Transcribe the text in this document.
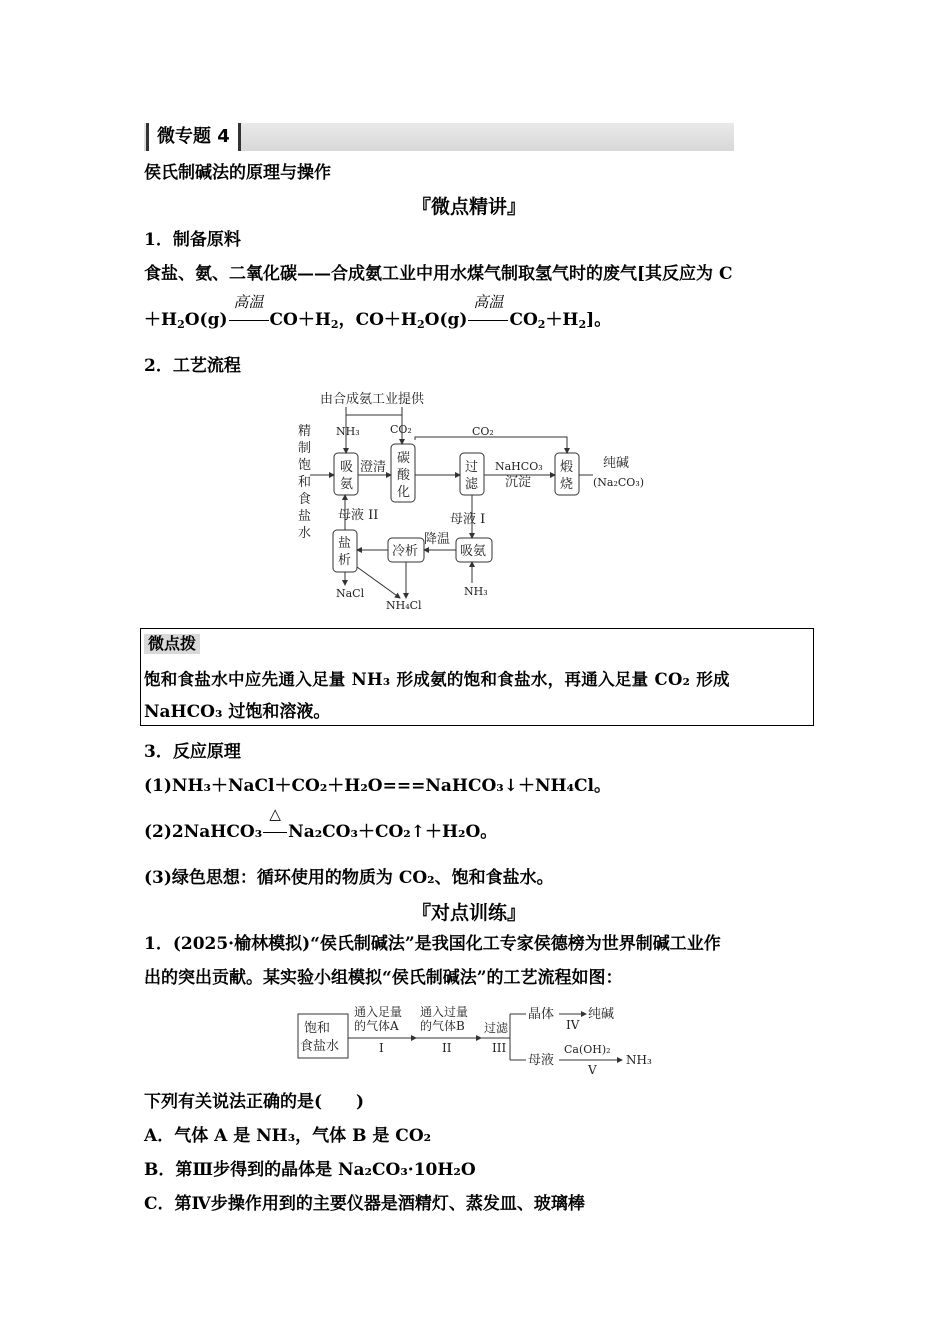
微专题 4
侯氏制碱法的原理与操作
『微点精讲』
1．制备原料
食盐、氨、二氧化碳——合成氨工业中用水煤气制取氢气时的废气[其反应为 C
$+H_2O(g)$
高温
$CO+H_2$，$CO+H_2O(g)$
高温
$CO_2+H_2$]。
2．工艺流程
由合成氨工业提供
精
制
饱
和
食
盐
水
NH₃	CO₂	CO₂
吸
氨
澄清
碳
酸
化
过
滤
NaHCO₃
沉淀
煅
烧
纯碱
(Na₂CO₃)
母液 II	母液 I
降温
吸氨
冷析
盐
析
NaCl
NH₄Cl
NH₃
微点拨
饱和食盐水中应先通入足量 NH₃ 形成氨的饱和食盐水，再通入足量 CO₂ 形成
NaHCO₃ 过饱和溶液。
3．反应原理
(1)NH₃＋NaCl＋CO₂＋H₂O===NaHCO₃↓＋NH₄Cl。
(2)2NaHCO₃
△
Na₂CO₃＋CO₂↑＋H₂O。
(3)绿色思想：循环使用的物质为 CO₂、饱和食盐水。
『对点训练』
1．(2025·榆林模拟)“侯氏制碱法”是我国化工专家侯德榜为世界制碱工业作
出的突出贡献。某实验小组模拟“侯氏制碱法”的工艺流程如图：
饱和
食盐水
通入足量
的气体A
I
通入过量
的气体B
II
过滤
III
晶体
IV
纯碱
母液
Ca(OH)₂
V
NH₃
下列有关说法正确的是(　　)
A．气体 A 是 NH₃，气体 B 是 CO₂
B．第Ⅲ步得到的晶体是 Na₂CO₃·10H₂O
C．第Ⅳ步操作用到的主要仪器是酒精灯、蒸发皿、玻璃棒
